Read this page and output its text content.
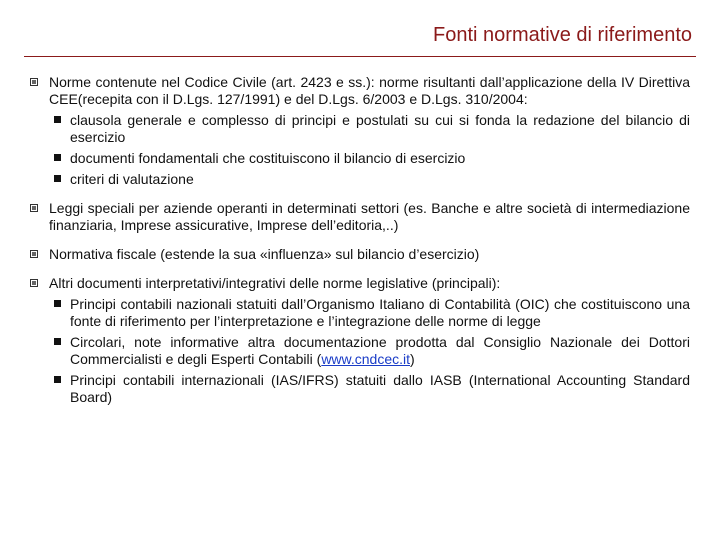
Fonti normative di riferimento
Norme contenute nel Codice Civile (art. 2423 e ss.): norme risultanti dall’applicazione della IV Direttiva CEE(recepita con il D.Lgs. 127/1991) e del D.Lgs. 6/2003 e D.Lgs. 310/2004:
clausola generale e complesso di principi e postulati su cui si fonda la redazione del bilancio di esercizio
documenti fondamentali che costituiscono il bilancio di esercizio
criteri di valutazione
Leggi speciali per aziende operanti in determinati settori (es. Banche e altre società di intermediazione finanziaria, Imprese assicurative, Imprese dell’editoria,..)
Normativa fiscale (estende la sua «influenza» sul bilancio d’esercizio)
Altri documenti interpretativi/integrativi delle norme legislative (principali):
Principi contabili nazionali statuiti dall’Organismo Italiano di Contabilità (OIC) che costituiscono una fonte di riferimento per l’interpretazione e l’integrazione delle norme di legge
Circolari, note informative altra documentazione prodotta dal Consiglio Nazionale dei Dottori Commercialisti e degli Esperti Contabili (www.cndcec.it)
Principi contabili internazionali (IAS/IFRS) statuiti dallo IASB (International Accounting Standard Board)
